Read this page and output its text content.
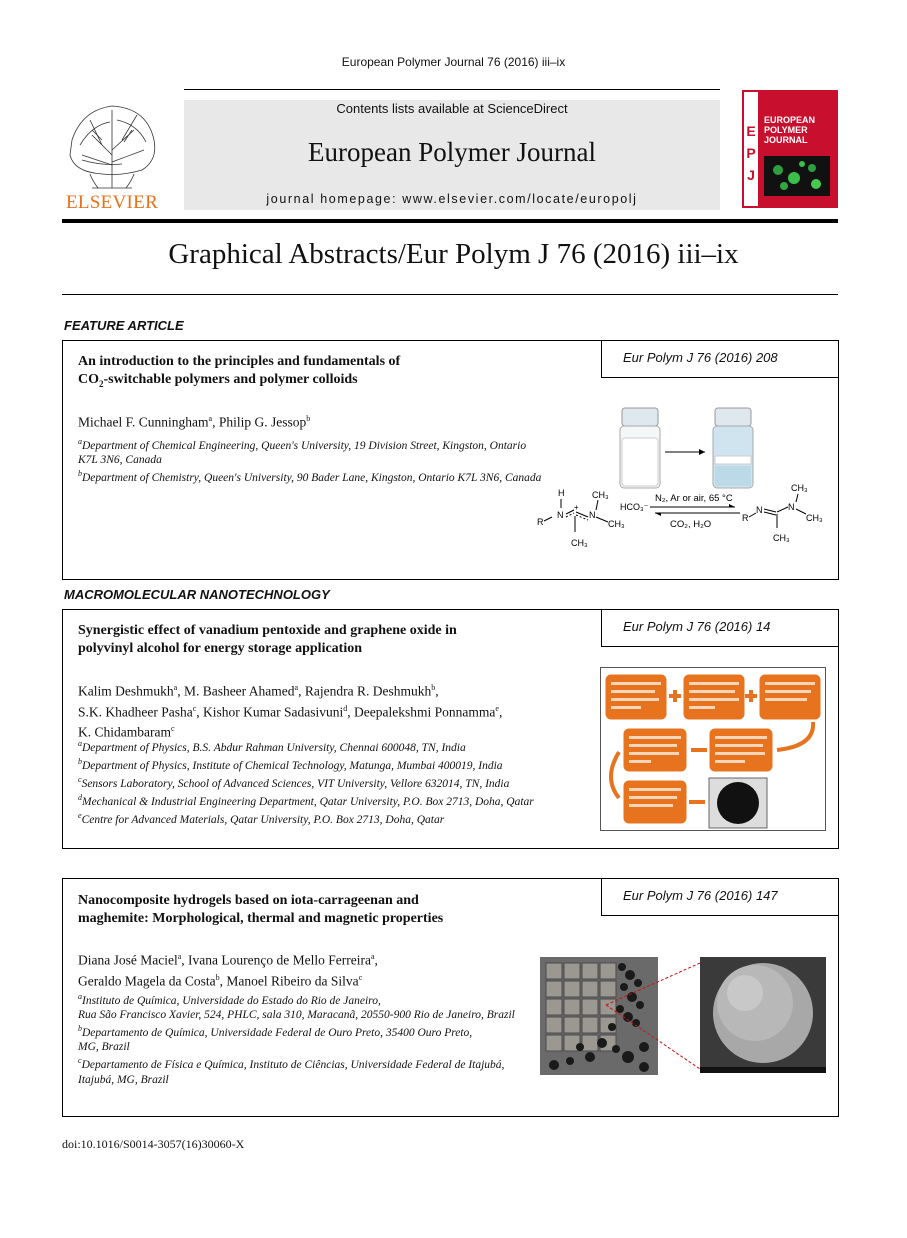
European Polymer Journal 76 (2016) iii–ix
ELSEVIER
Contents lists available at ScienceDirect
European Polymer Journal
journal homepage: www.elsevier.com/locate/europolj
E
P
J
EUROPEAN
POLYMER
JOURNAL
Graphical Abstracts/Eur Polym J 76 (2016) iii–ix
FEATURE ARTICLE
Eur Polym J 76 (2016) 208
An introduction to the principles and fundamentals of
$CO_2$-switchable polymers and polymer colloids
Michael F. Cunningham$^a$, Philip G. Jessop$^b$
$^a$Department of Chemical Engineering, Queen's University, 19 Division Street, Kingston, Ontario K7L 3N6, Canada
$^b$Department of Chemistry, Queen's University, 90 Bader Lane, Kingston, Ontario K7L 3N6, Canada
H
N
R
+
N
CH₃
CH₃
CH₃
HCO₃⁻
N₂, Ar or air, 65 °C
CO₂, H₂O
R
N	N
CH₃
CH₃
CH₃
MACROMOLECULAR NANOTECHNOLOGY
Eur Polym J 76 (2016) 14
Synergistic effect of vanadium pentoxide and graphene oxide in
polyvinyl alcohol for energy storage application
Kalim Deshmukh$^a$, M. Basheer Ahamed$^a$, Rajendra R. Deshmukh$^b$,
S.K. Khadheer Pasha$^c$, Kishor Kumar Sadasivuni$^d$, Deepalekshmi Ponnamma$^e$,
K. Chidambaram$^c$
$^a$Department of Physics, B.S. Abdur Rahman University, Chennai 600048, TN, India
$^b$Department of Physics, Institute of Chemical Technology, Matunga, Mumbai 400019, India
$^c$Sensors Laboratory, School of Advanced Sciences, VIT University, Vellore 632014, TN, India
$^d$Mechanical & Industrial Engineering Department, Qatar University, P.O. Box 2713, Doha, Qatar
$^e$Centre for Advanced Materials, Qatar University, P.O. Box 2713, Doha, Qatar
Eur Polym J 76 (2016) 147
Nanocomposite hydrogels based on iota-carrageenan and
maghemite: Morphological, thermal and magnetic properties
Diana José Maciel$^a$, Ivana Lourenço de Mello Ferreira$^a$,
Geraldo Magela da Costa$^b$, Manoel Ribeiro da Silva$^c$
$^a$Instituto de Química, Universidade do Estado do Rio de Janeiro,
Rua São Francisco Xavier, 524, PHLC, sala 310, Maracanã, 20550-900 Rio de Janeiro, Brazil
$^b$Departamento de Química, Universidade Federal de Ouro Preto, 35400 Ouro Preto,
MG, Brazil
$^c$Departamento de Física e Química, Instituto de Ciências, Universidade Federal de Itajubá,
Itajubá, MG, Brazil
doi:10.1016/S0014-3057(16)30060-X
